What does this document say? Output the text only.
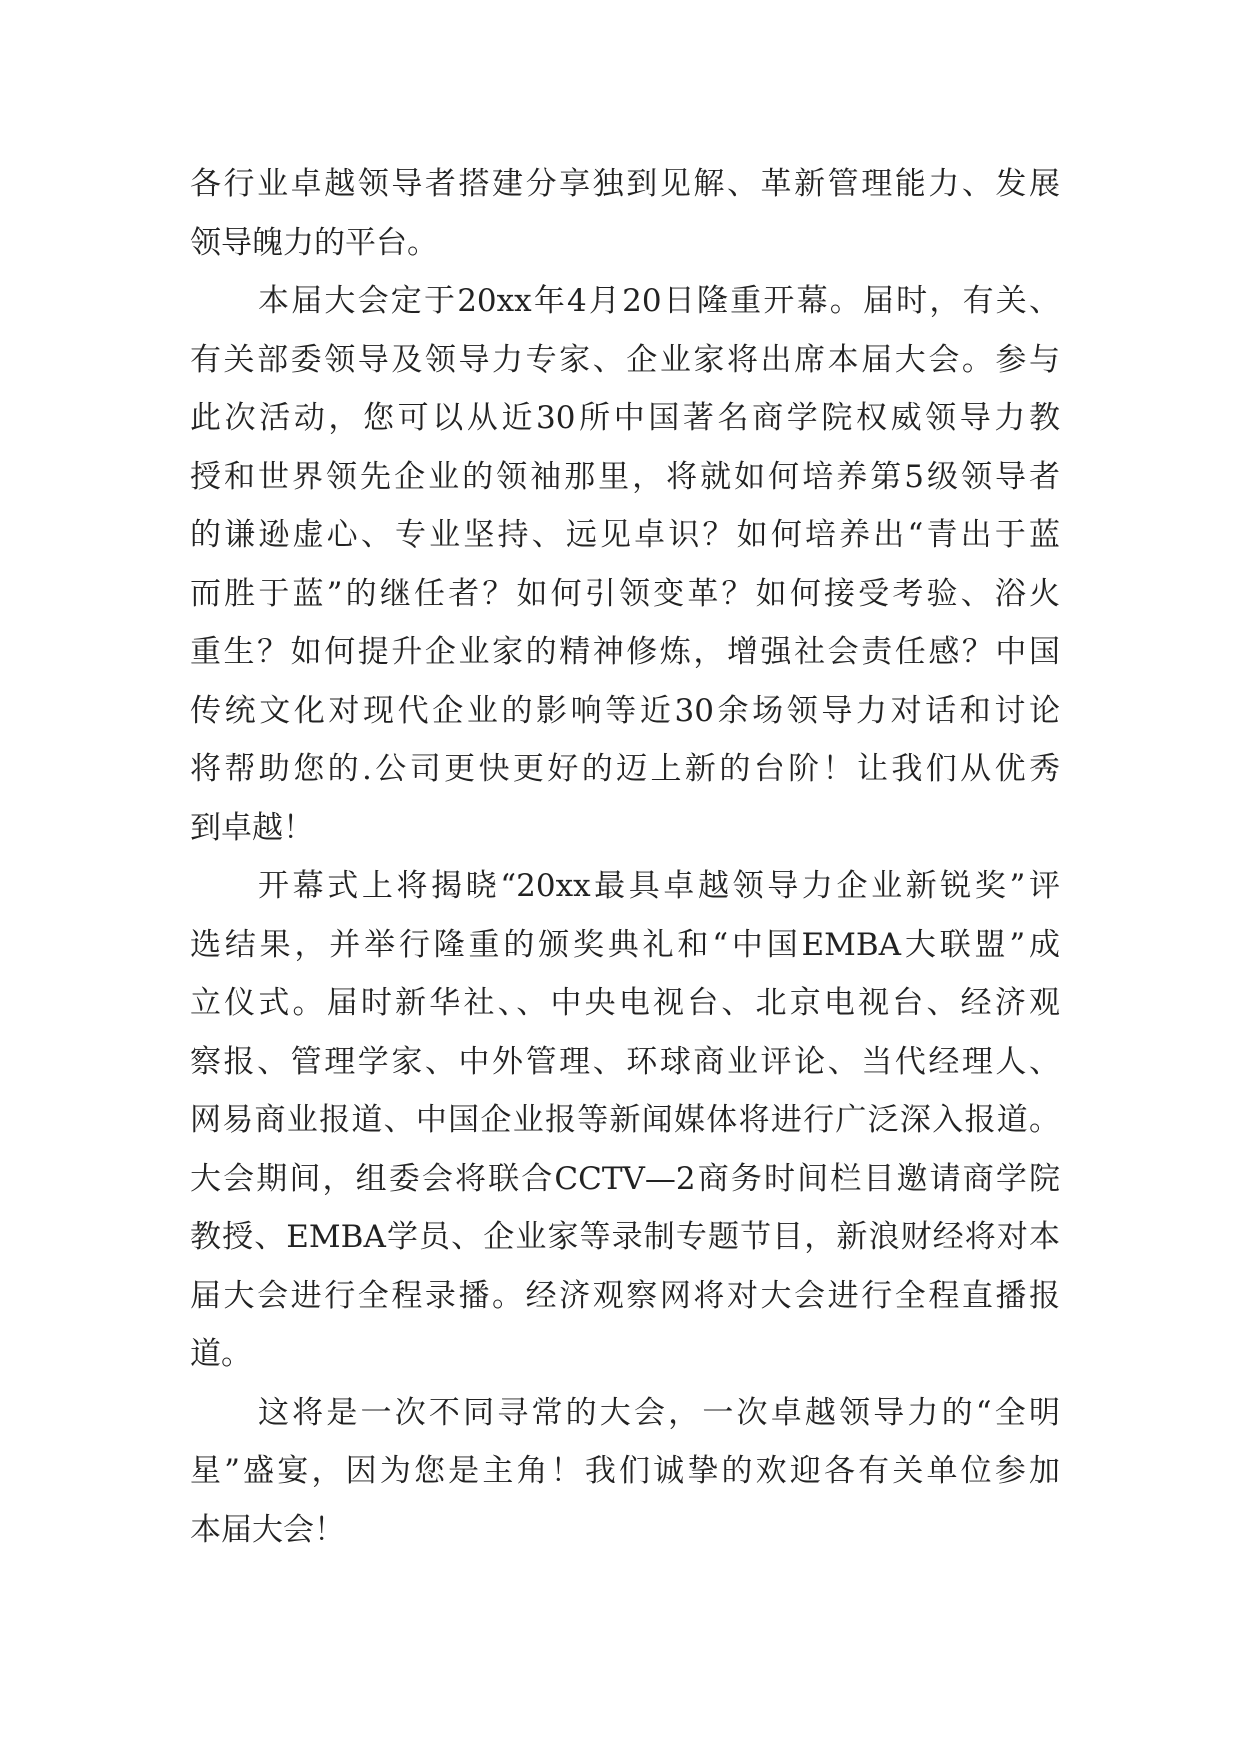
各行业卓越领导者搭建分享独到见解、革新管理能力、发展
领导魄力的平台。
本届大会定于20xx年4月20日隆重开幕。届时，有关、
有关部委领导及领导力专家、企业家将出席本届大会。参与
此次活动，您可以从近30所中国著名商学院权威领导力教
授和世界领先企业的领袖那里，将就如何培养第5级领导者
的谦逊虚心、专业坚持、远见卓识？如何培养出“青出于蓝
而胜于蓝”的继任者？如何引领变革？如何接受考验、浴火
重生？如何提升企业家的精神修炼，增强社会责任感？中国
传统文化对现代企业的影响等近30余场领导力对话和讨论
将帮助您的.公司更快更好的迈上新的台阶！让我们从优秀
到卓越！
开幕式上将揭晓“20xx最具卓越领导力企业新锐奖”评
选结果，并举行隆重的颁奖典礼和“中国EMBA大联盟”成
立仪式。届时新华社、、中央电视台、北京电视台、经济观
察报、管理学家、中外管理、环球商业评论、当代经理人、
网易商业报道、中国企业报等新闻媒体将进行广泛深入报道。
大会期间，组委会将联合CCTV—2商务时间栏目邀请商学院
教授、EMBA学员、企业家等录制专题节目，新浪财经将对本
届大会进行全程录播。经济观察网将对大会进行全程直播报
道。
这将是一次不同寻常的大会，一次卓越领导力的“全明
星”盛宴，因为您是主角！我们诚挚的欢迎各有关单位参加
本届大会！
